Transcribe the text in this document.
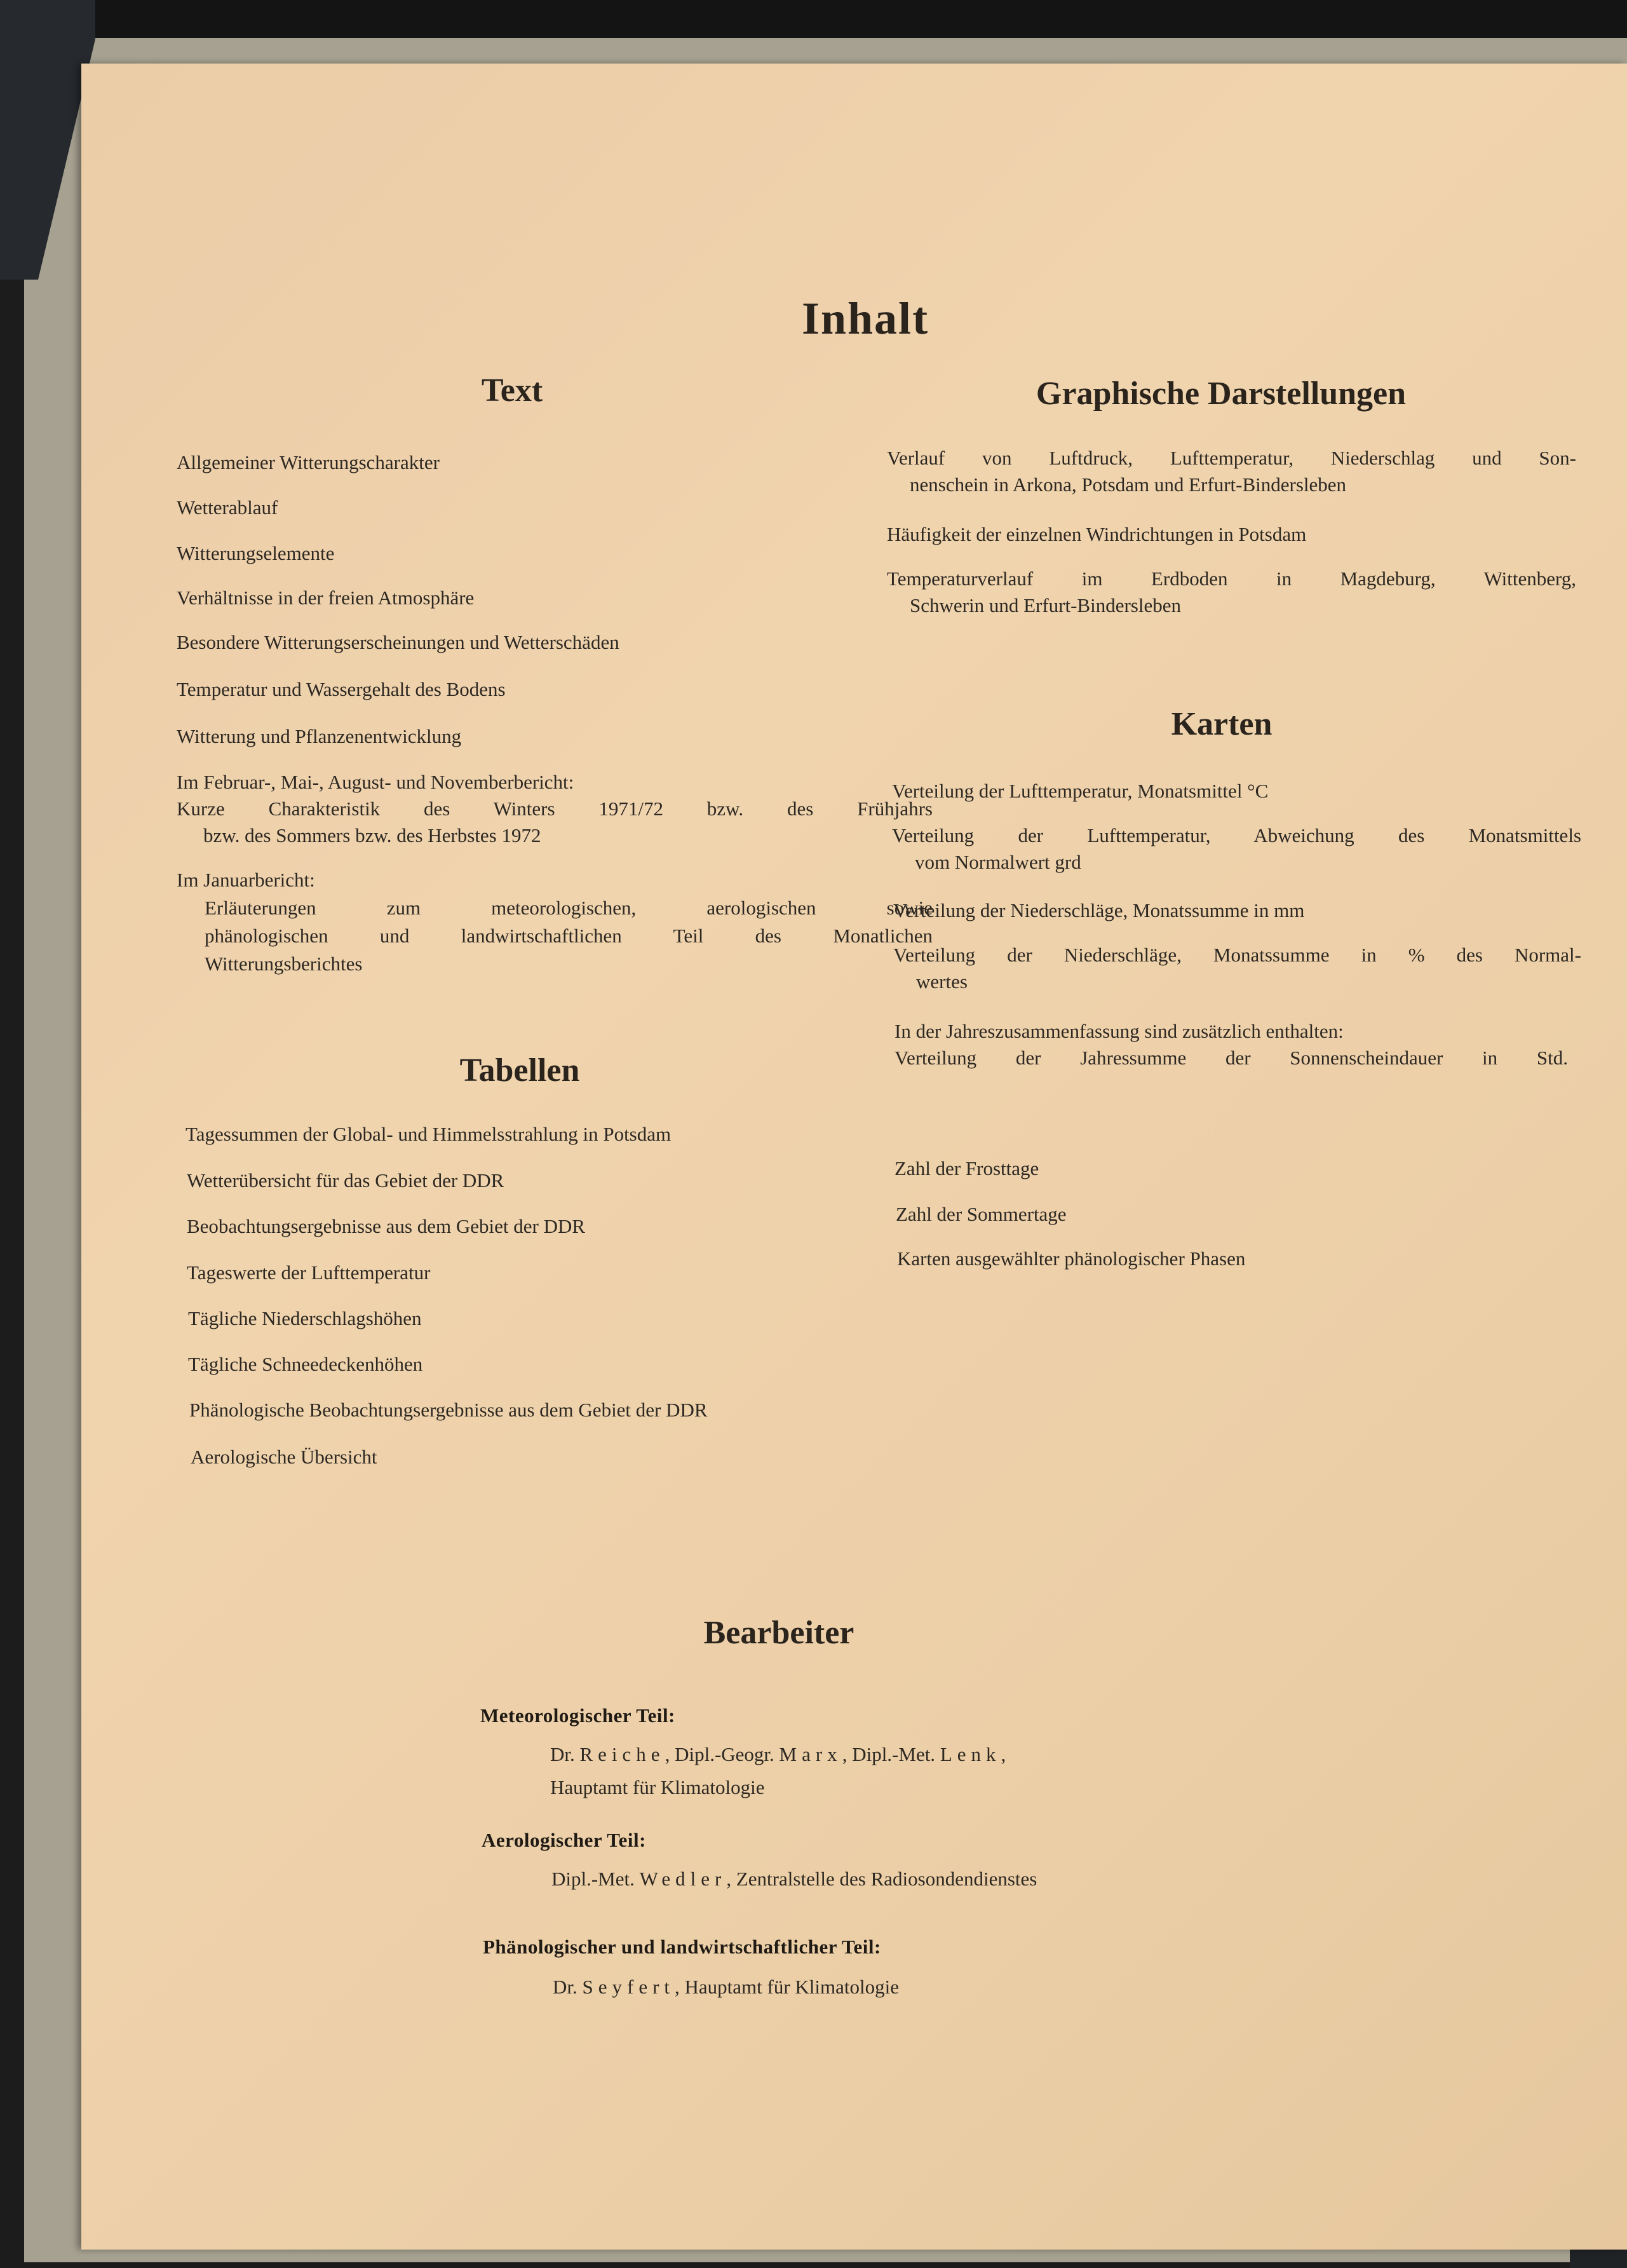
Inhalt
Text
Allgemeiner Witterungscharakter
Wetterablauf
Witterungselemente
Verhältnisse in der freien Atmosphäre
Besondere Witterungserscheinungen und Wetterschäden
Temperatur und Wassergehalt des Bodens
Witterung und Pflanzenentwicklung
Im Februar-, Mai-, August- und Novemberbericht:
Kurze Charakteristik des Winters 1971/72 bzw. des Frühjahrs
bzw. des Sommers bzw. des Herbstes 1972
Im Januarbericht:
Erläuterungen zum meteorologischen, aerologischen sowie
phänologischen und landwirtschaftlichen Teil des Monatlichen
Witterungsberichtes
Tabellen
Tagessummen der Global- und Himmelsstrahlung in Potsdam
Wetterübersicht für das Gebiet der DDR
Beobachtungsergebnisse aus dem Gebiet der DDR
Tageswerte der Lufttemperatur
Tägliche Niederschlagshöhen
Tägliche Schneedeckenhöhen
Phänologische Beobachtungsergebnisse aus dem Gebiet der DDR
Aerologische Übersicht
Graphische Darstellungen
Verlauf von Luftdruck, Lufttemperatur, Niederschlag und Son-
nenschein in Arkona, Potsdam und Erfurt-Bindersleben
Häufigkeit der einzelnen Windrichtungen in Potsdam
Temperaturverlauf im Erdboden in Magdeburg, Wittenberg,
Schwerin und Erfurt-Bindersleben
Karten
Verteilung der Lufttemperatur, Monatsmittel °C
Verteilung der Lufttemperatur, Abweichung des Monatsmittels
vom Normalwert grd
Verteilung der Niederschläge, Monatssumme in mm
Verteilung der Niederschläge, Monatssumme in % des Normal-
wertes
In der Jahreszusammenfassung sind zusätzlich enthalten:
Verteilung der Jahressumme der Sonnenscheindauer in Std.
Zahl der Frosttage
Zahl der Sommertage
Karten ausgewählter phänologischer Phasen
Bearbeiter
Meteorologischer Teil:
Dr. Reiche, Dipl.-Geogr. Marx, Dipl.-Met. Lenk,
Hauptamt für Klimatologie
Aerologischer Teil:
Dipl.-Met. Wedler, Zentralstelle des Radiosondendienstes
Phänologischer und landwirtschaftlicher Teil:
Dr. Seyfert, Hauptamt für Klimatologie
